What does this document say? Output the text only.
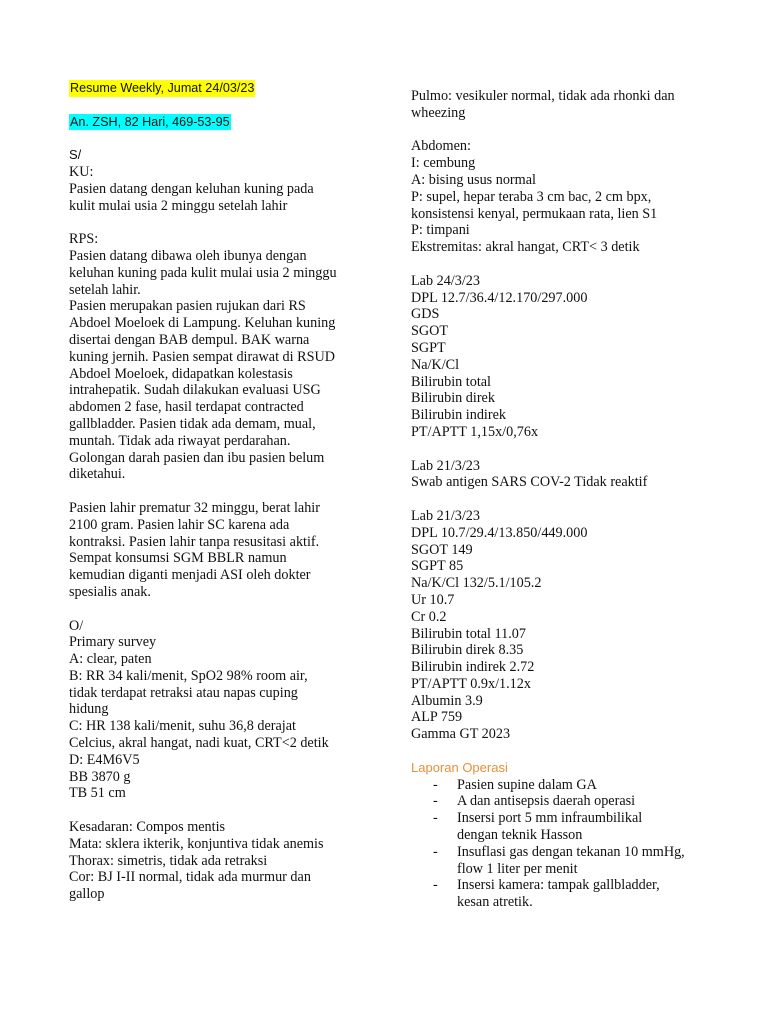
Resume Weekly, Jumat 24/03/23
An. ZSH, 82 Hari, 469-53-95
S/
KU:
Pasien datang dengan keluhan kuning pada
kulit mulai usia 2 minggu setelah lahir
RPS:
Pasien datang dibawa oleh ibunya dengan
keluhan kuning pada kulit mulai usia 2 minggu
setelah lahir.
Pasien merupakan pasien rujukan dari RS
Abdoel Moeloek di Lampung. Keluhan kuning
disertai dengan BAB dempul. BAK warna
kuning jernih. Pasien sempat dirawat di RSUD
Abdoel Moeloek, didapatkan kolestasis
intrahepatik. Sudah dilakukan evaluasi USG
abdomen 2 fase, hasil terdapat contracted
gallbladder. Pasien tidak ada demam, mual,
muntah. Tidak ada riwayat perdarahan.
Golongan darah pasien dan ibu pasien belum
diketahui.
Pasien lahir prematur 32 minggu, berat lahir
2100 gram. Pasien lahir SC karena ada
kontraksi. Pasien lahir tanpa resusitasi aktif.
Sempat konsumsi SGM BBLR namun
kemudian diganti menjadi ASI oleh dokter
spesialis anak.
O/
Primary survey
A: clear, paten
B: RR 34 kali/menit, SpO2 98% room air,
tidak terdapat retraksi atau napas cuping
hidung
C: HR 138 kali/menit, suhu 36,8 derajat
Celcius, akral hangat, nadi kuat, CRT<2 detik
D: E4M6V5
BB 3870 g
TB 51 cm
Kesadaran: Compos mentis
Mata: sklera ikterik, konjuntiva tidak anemis
Thorax: simetris, tidak ada retraksi
Cor: BJ I-II normal, tidak ada murmur dan
gallop
Pulmo: vesikuler normal, tidak ada rhonki dan
wheezing
Abdomen:
I: cembung
A: bising usus normal
P: supel, hepar teraba 3 cm bac, 2 cm bpx,
konsistensi kenyal, permukaan rata, lien S1
P: timpani
Ekstremitas: akral hangat, CRT< 3 detik
Lab 24/3/23
DPL 12.7/36.4/12.170/297.000
GDS
SGOT
SGPT
Na/K/Cl
Bilirubin total
Bilirubin direk
Bilirubin indirek
PT/APTT 1,15x/0,76x
Lab 21/3/23
Swab antigen SARS COV-2 Tidak reaktif
Lab 21/3/23
DPL 10.7/29.4/13.850/449.000
SGOT 149
SGPT 85
Na/K/Cl 132/5.1/105.2
Ur 10.7
Cr 0.2
Bilirubin total 11.07
Bilirubin direk 8.35
Bilirubin indirek 2.72
PT/APTT 0.9x/1.12x
Albumin 3.9
ALP 759
Gamma GT 2023
Laporan Operasi
- Pasien supine dalam GA
- A dan antisepsis daerah operasi
- Insersi port 5 mm infraumbilikal
dengan teknik Hasson
- Insuflasi gas dengan tekanan 10 mmHg,
flow 1 liter per menit
- Insersi kamera: tampak gallbladder,
kesan atretik.
